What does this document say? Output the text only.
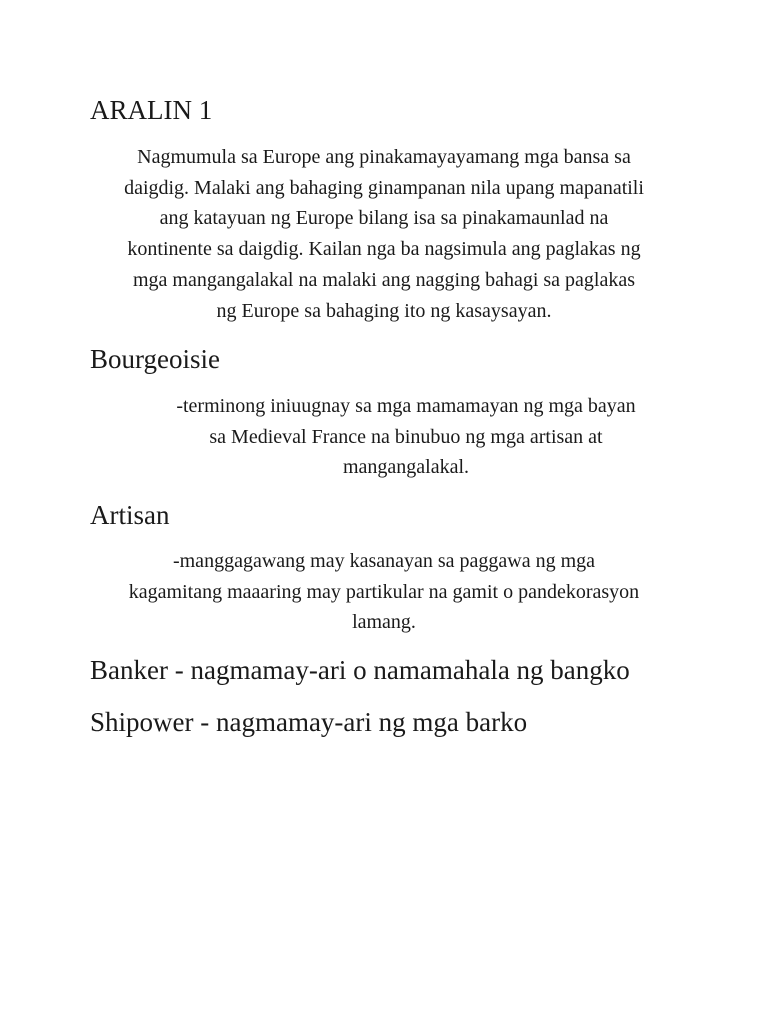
ARALIN 1

Nagmumula sa Europe ang pinakamayayamang mga bansa sa
daigdig. Malaki ang bahaging ginampanan nila upang mapanatili
ang katayuan ng Europe bilang isa sa pinakamaunlad na
kontinente sa daigdig. Kailan nga ba nagsimula ang paglakas ng
mga mangangalakal na malaki ang nagging bahagi sa paglakas
ng Europe sa bahaging ito ng kasaysayan.

Bourgeoisie

-terminong iniuugnay sa mga mamamayan ng mga bayan
sa Medieval France na binubuo ng mga artisan at
mangangalakal.

Artisan

-manggagawang may kasanayan sa paggawa ng mga
kagamitang maaaring may partikular na gamit o pandekorasyon
lamang.

Banker - nagmamay-ari o namamahala ng bangko
Shipower - nagmamay-ari ng mga barko
